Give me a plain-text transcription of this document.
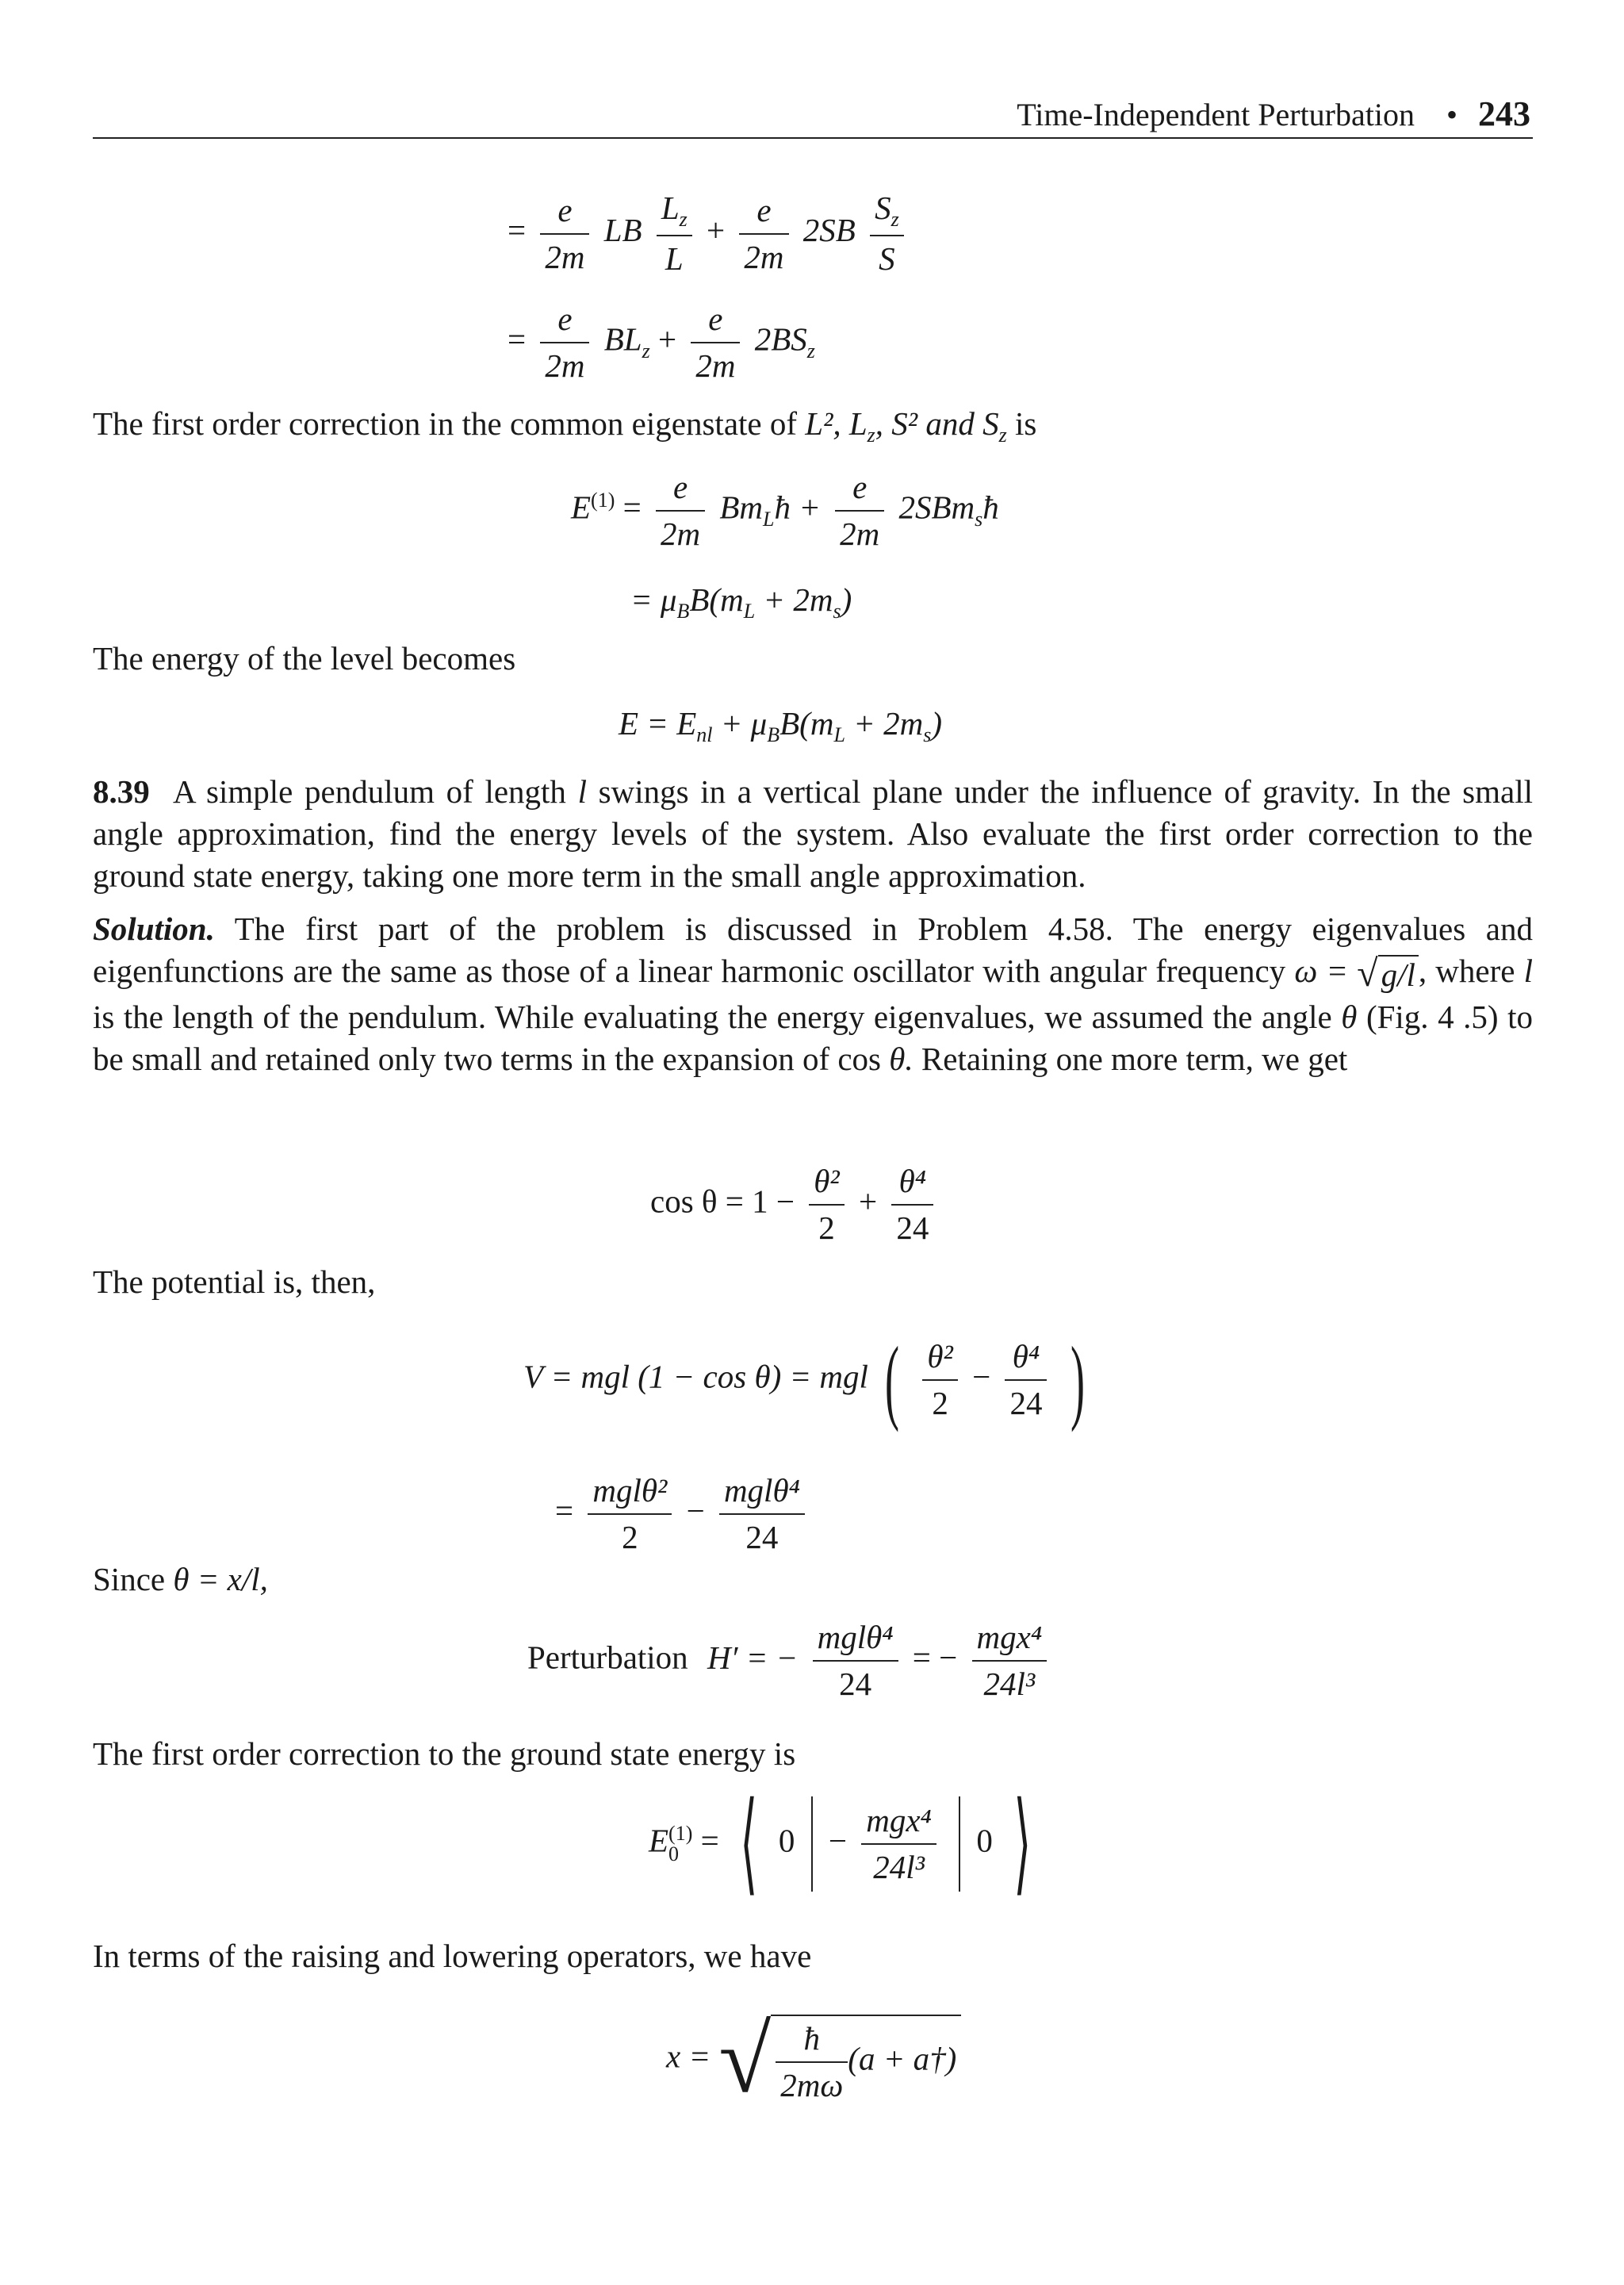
Time-Independent Perturbation • 243
= $\frac{e}{2m}$ LB $\frac{L_z}{L} + \frac{e}{2m} 2SB \frac{S_z}{S}$
= $\frac{e}{2m} BL_z + \frac{e}{2m} 2BS_z$
The first order correction in the common eigenstate of L², $L_z$, S² and $S_z$ is
$E^{(1)} = \frac{e}{2m}$ $Bm_Lħ + \frac{e}{2m}$ 2SBm$_s$ħ
= $\mu_BB(m_L + 2m_s)$
The energy of the level becomes
$E = E_{nl} + \mu_BB(m_L + 2m_s)$
8.39 A simple pendulum of length l swings in a vertical plane under the influence of gravity. In the small angle approximation, find the energy levels of the system. Also evaluate the first order correction to the ground state energy, taking one more term in the small angle approximation.
Solution. The first part of the problem is discussed in Problem 4.58. The energy eigenvalues and eigenfunctions are the same as those of a linear harmonic oscillator with angular frequency ω = √g/l, where l is the length of the pendulum. While evaluating the energy eigenvalues, we assumed the angle θ (Fig. 4 .5) to be small and retained only two terms in the expansion of cos θ. Retaining one more term, we get
$\cos \theta = 1 - \frac{\text{θ²}}{2} + \frac{\text{θ⁴}}{24}$
The potential is, then,
V = mgl (1 − cos θ) = mgl ( $\frac{\text{θ²}}{2} - \frac{\text{θ⁴}}{24}$ )
= $\frac{\text{mglθ²}}{2} - \frac{\text{mglθ⁴}}{24}$
Since θ = x/l,
Perturbation H′ = − $\frac{\text{mglθ⁴}}{24}$ = − $\frac{\text{mgx⁴}}{\text{24l³}}$
The first order correction to the ground state energy is
E (1)
0 = ⟨ $0 - \frac{\text{mgx⁴}}{\text{24l³}} 0$ ⟩
In terms of the raising and lowering operators, we have
x = √ $\frac{ħ}{2m\omega} (a$ + a†)
